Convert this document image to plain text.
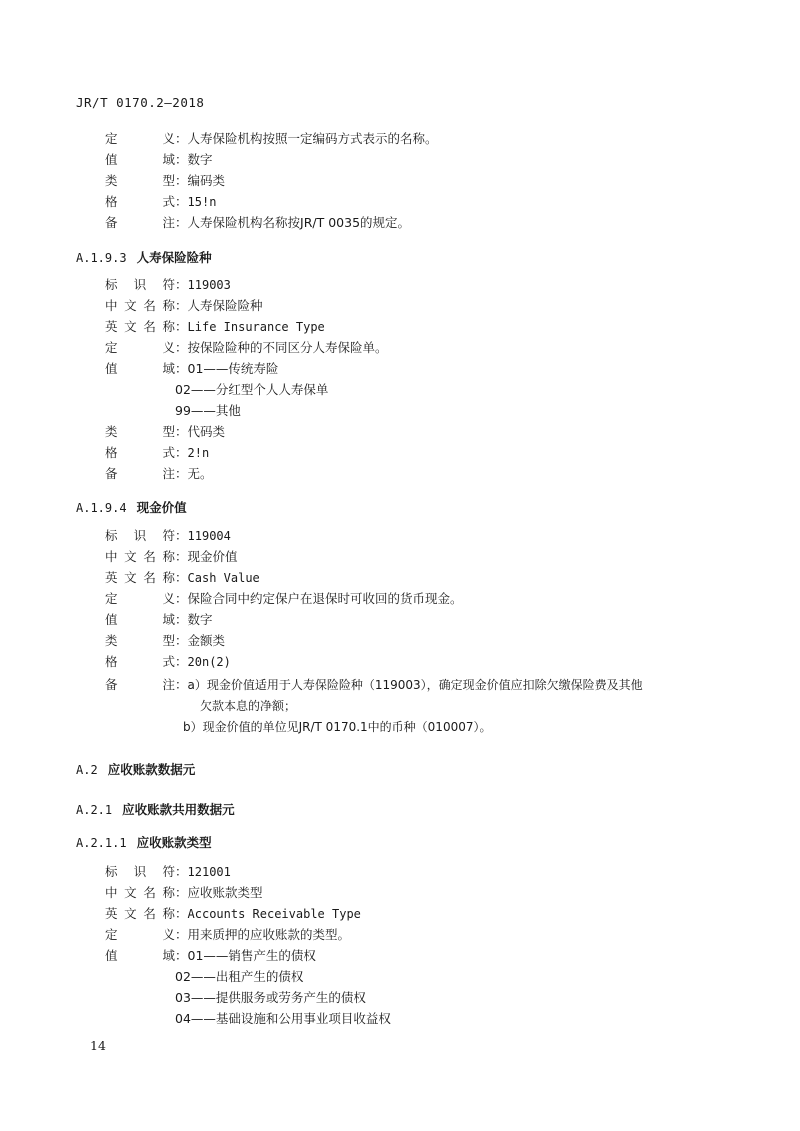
JR/T 0170.2—2018
定　　义：人寿保险机构按照一定编码方式表示的名称。
值　　域：数字
类　　型：编码类
格　　式：15!n
备　　注：人寿保险机构名称按JR/T 0035的规定。
A.1.9.3 人寿保险险种
标 识 符：119003
中文名称：人寿保险险种
英文名称：Life Insurance Type
定　　义：按保险险种的不同区分人寿保险单。
值　　域：01——传统寿险
02——分红型个人人寿保单
99——其他
类　　型：代码类
格　　式：2!n
备　　注：无。
A.1.9.4 现金价值
标 识 符：119004
中文名称：现金价值
英文名称：Cash Value
定　　义：保险合同中约定保户在退保时可收回的货币现金。
值　　域：数字
类　　型：金额类
格　　式：20n(2)
备　　注：a）现金价值适用于人寿保险险种（119003），确定现金价值应扣除欠缴保险费及其他
欠款本息的净额；
b）现金价值的单位见JR/T 0170.1中的币种（010007）。
A.2 应收账款数据元
A.2.1 应收账款共用数据元
A.2.1.1 应收账款类型
标 识 符：121001
中文名称：应收账款类型
英文名称：Accounts Receivable Type
定　　义：用来质押的应收账款的类型。
值　　域：01——销售产生的债权
02——出租产生的债权
03——提供服务或劳务产生的债权
04——基础设施和公用事业项目收益权
14
